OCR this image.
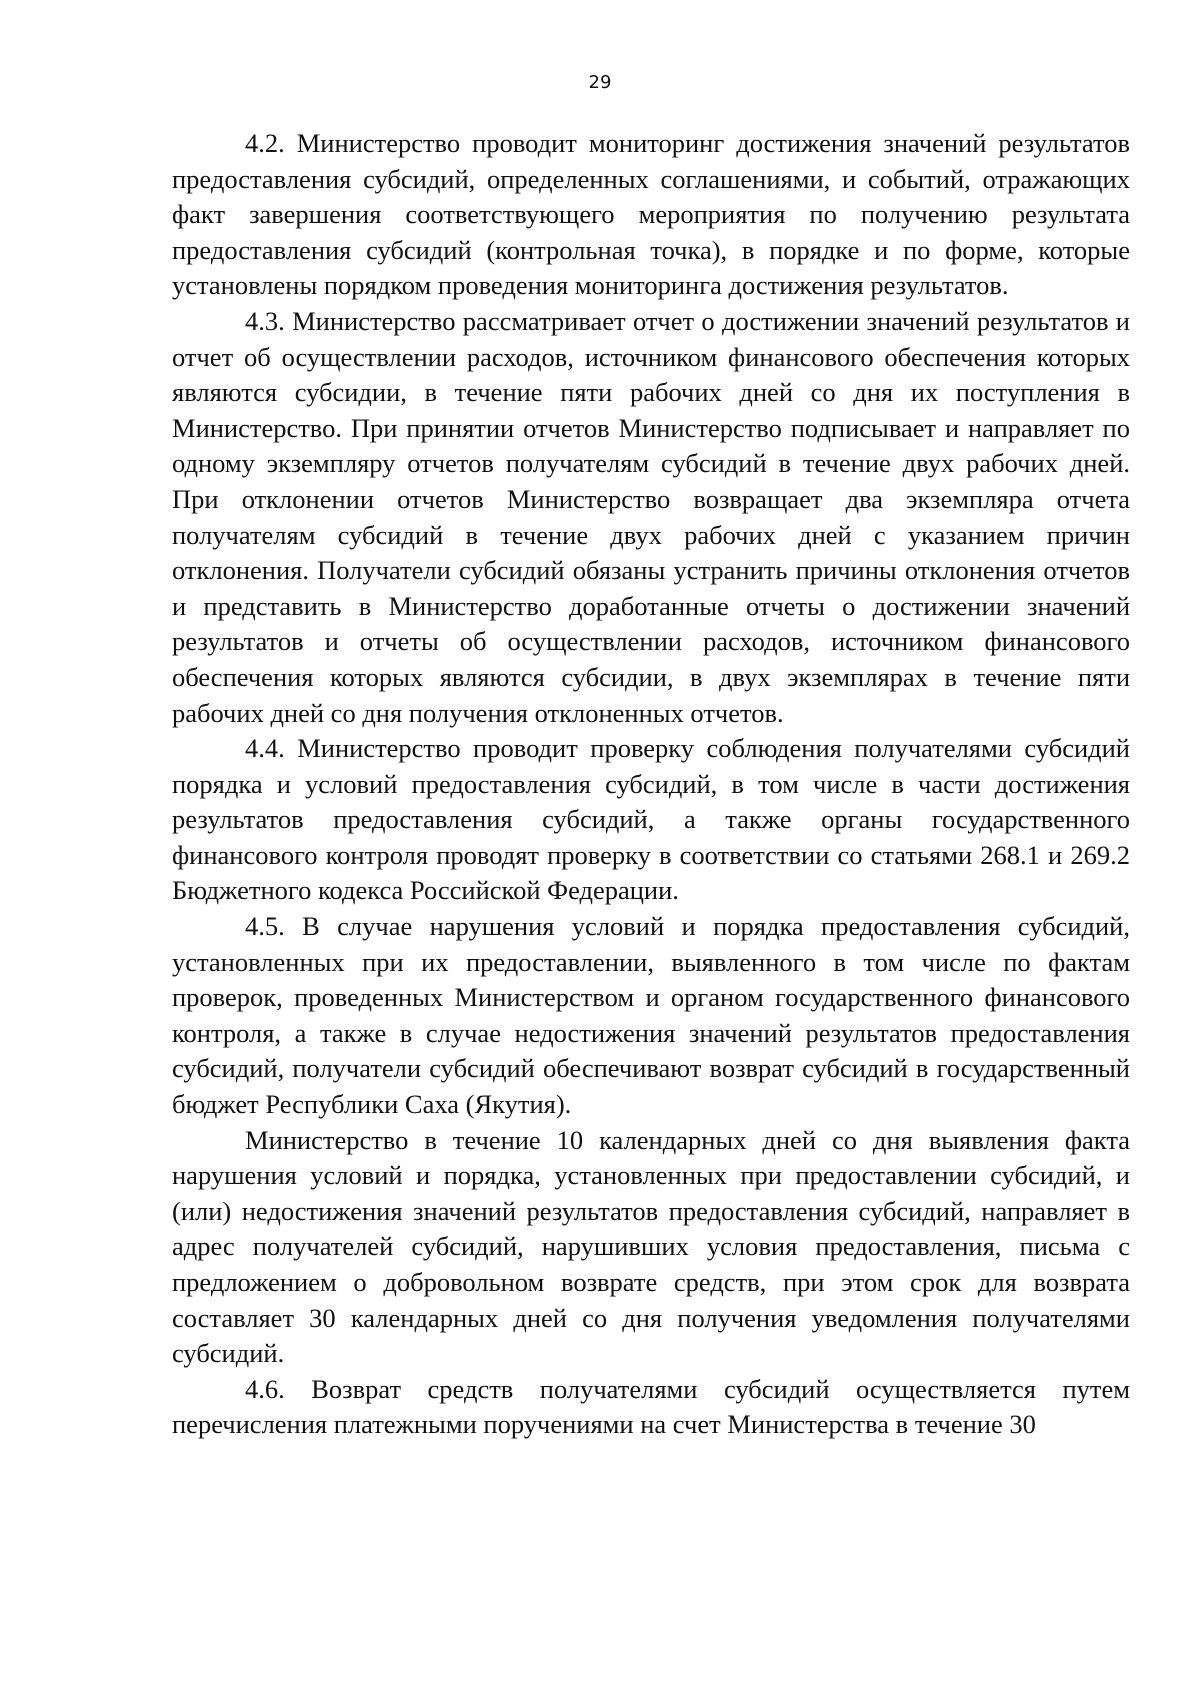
29

4.2. Министерство проводит мониторинг достижения значений результатов предоставления субсидий, определенных соглашениями, и событий, отражающих факт завершения соответствующего мероприятия по получению результата предоставления субсидий (контрольная точка), в порядке и по форме, которые установлены порядком проведения мониторинга достижения результатов.

4.3. Министерство рассматривает отчет о достижении значений результатов и отчет об осуществлении расходов, источником финансового обеспечения которых являются субсидии, в течение пяти рабочих дней со дня их поступления в Министерство. При принятии отчетов Министерство подписывает и направляет по одному экземпляру отчетов получателям субсидий в течение двух рабочих дней. При отклонении отчетов Министерство возвращает два экземпляра отчета получателям субсидий в течение двух рабочих дней с указанием причин отклонения. Получатели субсидий обязаны устранить причины отклонения отчетов и представить в Министерство доработанные отчеты о достижении значений результатов и отчеты об осуществлении расходов, источником финансового обеспечения которых являются субсидии, в двух экземплярах в течение пяти рабочих дней со дня получения отклоненных отчетов.

4.4. Министерство проводит проверку соблюдения получателями субсидий порядка и условий предоставления субсидий, в том числе в части достижения результатов предоставления субсидий, а также органы государственного финансового контроля проводят проверку в соответствии со статьями 268.1 и 269.2 Бюджетного кодекса Российской Федерации.

4.5. В случае нарушения условий и порядка предоставления субсидий, установленных при их предоставлении, выявленного в том числе по фактам проверок, проведенных Министерством и органом государственного финансового контроля, а также в случае недостижения значений результатов предоставления субсидий, получатели субсидий обеспечивают возврат субсидий в государственный бюджет Республики Саха (Якутия).

Министерство в течение 10 календарных дней со дня выявления факта нарушения условий и порядка, установленных при предоставлении субсидий, и (или) недостижения значений результатов предоставления субсидий, направляет в адрес получателей субсидий, нарушивших условия предоставления, письма с предложением о добровольном возврате средств, при этом срок для возврата составляет 30 календарных дней со дня получения уведомления получателями субсидий.

4.6. Возврат средств получателями субсидий осуществляется путем перечисления платежными поручениями на счет Министерства в течение 30
